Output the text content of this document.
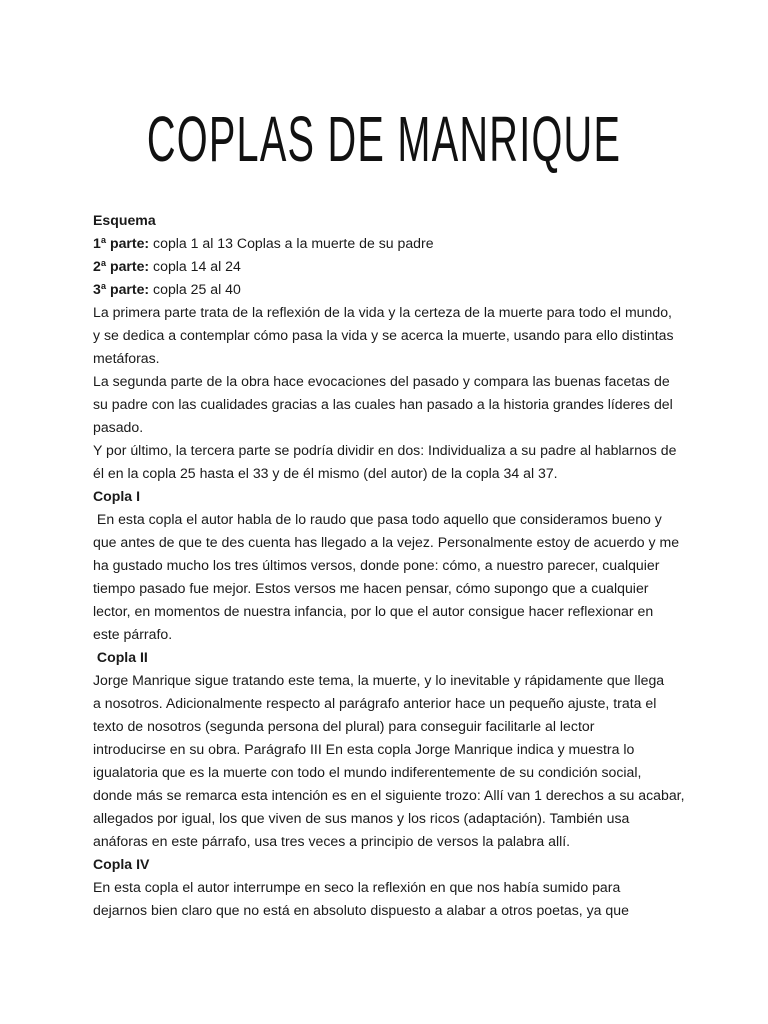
COPLAS DE MANRIQUE
Esquema
1ª parte: copla 1 al 13 Coplas a la muerte de su padre
2ª parte: copla 14 al 24
3ª parte: copla 25 al 40
La primera parte trata de la reflexión de la vida y la certeza de la muerte para todo el mundo,
y se dedica a contemplar cómo pasa la vida y se acerca la muerte, usando para ello distintas
metáforas.
La segunda parte de la obra hace evocaciones del pasado y compara las buenas facetas de
su padre con las cualidades gracias a las cuales han pasado a la historia grandes líderes del
pasado.
Y por último, la tercera parte se podría dividir en dos: Individualiza a su padre al hablarnos de
él en la copla 25 hasta el 33 y de él mismo (del autor) de la copla 34 al 37.
Copla I
En esta copla el autor habla de lo raudo que pasa todo aquello que consideramos bueno y
que antes de que te des cuenta has llegado a la vejez. Personalmente estoy de acuerdo y me
ha gustado mucho los tres últimos versos, donde pone: cómo, a nuestro parecer, cualquier
tiempo pasado fue mejor. Estos versos me hacen pensar, cómo supongo que a cualquier
lector, en momentos de nuestra infancia, por lo que el autor consigue hacer reflexionar en
este párrafo.
Copla II
Jorge Manrique sigue tratando este tema, la muerte, y lo inevitable y rápidamente que llega
a nosotros. Adicionalmente respecto al parágrafo anterior hace un pequeño ajuste, trata el
texto de nosotros (segunda persona del plural) para conseguir facilitarle al lector
introducirse en su obra. Parágrafo III En esta copla Jorge Manrique indica y muestra lo
igualatoria que es la muerte con todo el mundo indiferentemente de su condición social,
donde más se remarca esta intención es en el siguiente trozo: Allí van 1 derechos a su acabar,
allegados por igual, los que viven de sus manos y los ricos (adaptación). También usa
anáforas en este párrafo, usa tres veces a principio de versos la palabra allí.
Copla IV
En esta copla el autor interrumpe en seco la reflexión en que nos había sumido para
dejarnos bien claro que no está en absoluto dispuesto a alabar a otros poetas, ya que
